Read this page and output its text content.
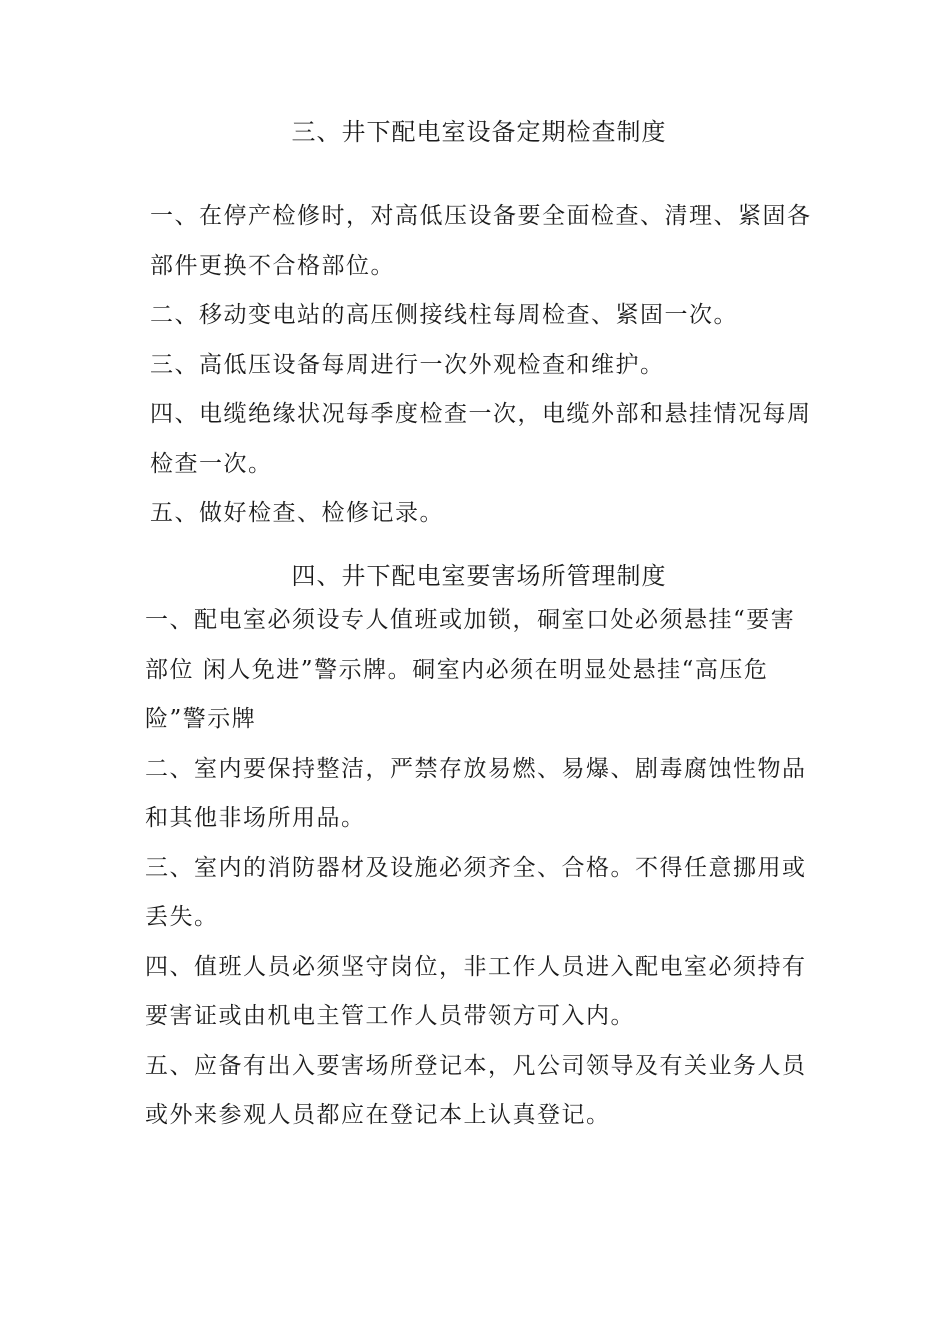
三、井下配电室设备定期检查制度

一、在停产检修时，对高低压设备要全面检查、清理、紧固各部件更换不合格部位。

二、移动变电站的高压侧接线柱每周检查、紧固一次。

三、高低压设备每周进行一次外观检查和维护。

四、电缆绝缘状况每季度检查一次，电缆外部和悬挂情况每周检查一次。

五、做好检查、检修记录。

四、井下配电室要害场所管理制度

一、配电室必须设专人值班或加锁，硐室口处必须悬挂“要害部位 闲人免进”警示牌。硐室内必须在明显处悬挂“高压危险”警示牌

二、室内要保持整洁，严禁存放易燃、易爆、剧毒腐蚀性物品和其他非场所用品。

三、室内的消防器材及设施必须齐全、合格。不得任意挪用或丢失。

四、值班人员必须坚守岗位，非工作人员进入配电室必须持有要害证或由机电主管工作人员带领方可入内。

五、应备有出入要害场所登记本，凡公司领导及有关业务人员或外来参观人员都应在登记本上认真登记。
